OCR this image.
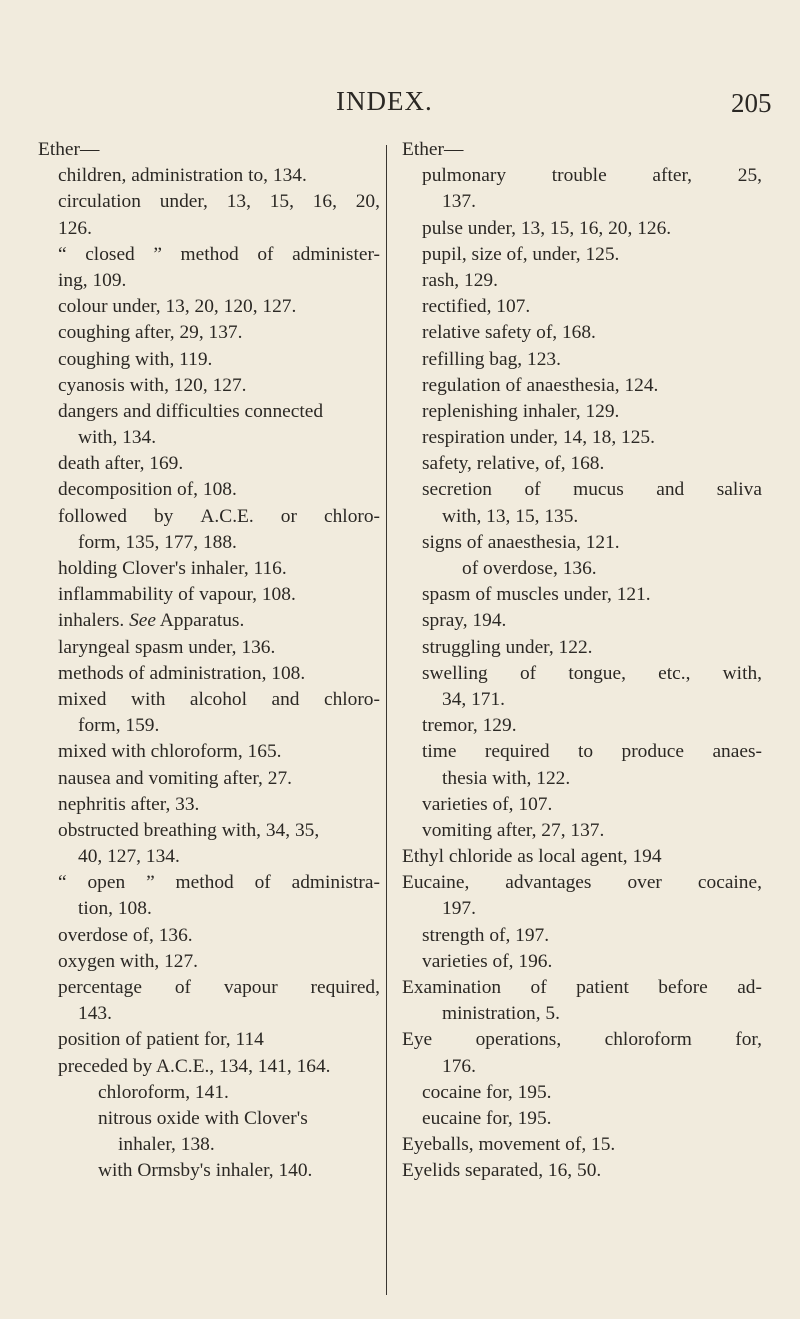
INDEX.	205
Ether—
children, administration to, 134.
circulation under, 13, 15, 16, 20,
126.
“ closed ” method of administer-
ing, 109.
colour under, 13, 20, 120, 127.
coughing after, 29, 137.
coughing with, 119.
cyanosis with, 120, 127.
dangers and difficulties connected
with, 134.
death after, 169.
decomposition of, 108.
followed by A.C.E. or chloro-
form, 135, 177, 188.
holding Clover's inhaler, 116.
inflammability of vapour, 108.
inhalers. See Apparatus.
laryngeal spasm under, 136.
methods of administration, 108.
mixed with alcohol and chloro-
form, 159.
mixed with chloroform, 165.
nausea and vomiting after, 27.
nephritis after, 33.
obstructed breathing with, 34, 35,
40, 127, 134.
“ open ” method of administra-
tion, 108.
overdose of, 136.
oxygen with, 127.
percentage of vapour required,
143.
position of patient for, 114
preceded by A.C.E., 134, 141, 164.
chloroform, 141.
nitrous oxide with Clover's
inhaler, 138.
with Ormsby's inhaler, 140.
Ether—
pulmonary trouble after, 25,
137.
pulse under, 13, 15, 16, 20, 126.
pupil, size of, under, 125.
rash, 129.
rectified, 107.
relative safety of, 168.
refilling bag, 123.
regulation of anaesthesia, 124.
replenishing inhaler, 129.
respiration under, 14, 18, 125.
safety, relative, of, 168.
secretion of mucus and saliva
with, 13, 15, 135.
signs of anaesthesia, 121.
of overdose, 136.
spasm of muscles under, 121.
spray, 194.
struggling under, 122.
swelling of tongue, etc., with,
34, 171.
tremor, 129.
time required to produce anaes-
thesia with, 122.
varieties of, 107.
vomiting after, 27, 137.
Ethyl chloride as local agent, 194
Eucaine, advantages over cocaine,
197.
strength of, 197.
varieties of, 196.
Examination of patient before ad-
ministration, 5.
Eye operations, chloroform for,
176.
cocaine for, 195.
eucaine for, 195.
Eyeballs, movement of, 15.
Eyelids separated, 16, 50.
